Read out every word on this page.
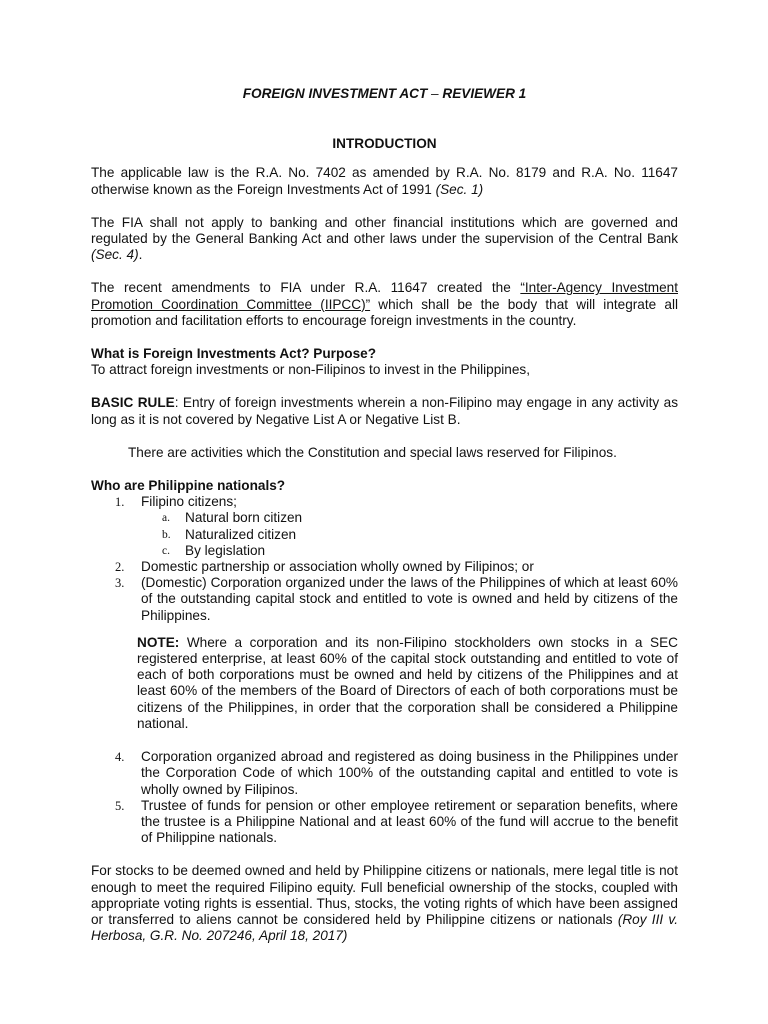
FOREIGN INVESTMENT ACT – REVIEWER 1

INTRODUCTION

The applicable law is the R.A. No. 7402 as amended by R.A. No. 8179 and R.A. No. 11647 otherwise known as the Foreign Investments Act of 1991 (Sec. 1)

The FIA shall not apply to banking and other financial institutions which are governed and regulated by the General Banking Act and other laws under the supervision of the Central Bank (Sec. 4).

The recent amendments to FIA under R.A. 11647 created the “Inter-Agency Investment Promotion Coordination Committee (IIPCC)” which shall be the body that will integrate all promotion and facilitation efforts to encourage foreign investments in the country.

What is Foreign Investments Act? Purpose?

To attract foreign investments or non-Filipinos to invest in the Philippines,

BASIC RULE: Entry of foreign investments wherein a non-Filipino may engage in any activity as long as it is not covered by Negative List A or Negative List B.

There are activities which the Constitution and special laws reserved for Filipinos.

Who are Philippine nationals?

1. Filipino citizens;
a. Natural born citizen
b. Naturalized citizen
c. By legislation
2. Domestic partnership or association wholly owned by Filipinos; or
3. (Domestic) Corporation organized under the laws of the Philippines of which at least 60% of the outstanding capital stock and entitled to vote is owned and held by citizens of the Philippines.

NOTE: Where a corporation and its non-Filipino stockholders own stocks in a SEC registered enterprise, at least 60% of the capital stock outstanding and entitled to vote of each of both corporations must be owned and held by citizens of the Philippines and at least 60% of the members of the Board of Directors of each of both corporations must be citizens of the Philippines, in order that the corporation shall be considered a Philippine national.

4. Corporation organized abroad and registered as doing business in the Philippines under the Corporation Code of which 100% of the outstanding capital and entitled to vote is wholly owned by Filipinos.
5. Trustee of funds for pension or other employee retirement or separation benefits, where the trustee is a Philippine National and at least 60% of the fund will accrue to the benefit of Philippine nationals.

For stocks to be deemed owned and held by Philippine citizens or nationals, mere legal title is not enough to meet the required Filipino equity. Full beneficial ownership of the stocks, coupled with appropriate voting rights is essential. Thus, stocks, the voting rights of which have been assigned or transferred to aliens cannot be considered held by Philippine citizens or nationals (Roy III v. Herbosa, G.R. No. 207246, April 18, 2017)
